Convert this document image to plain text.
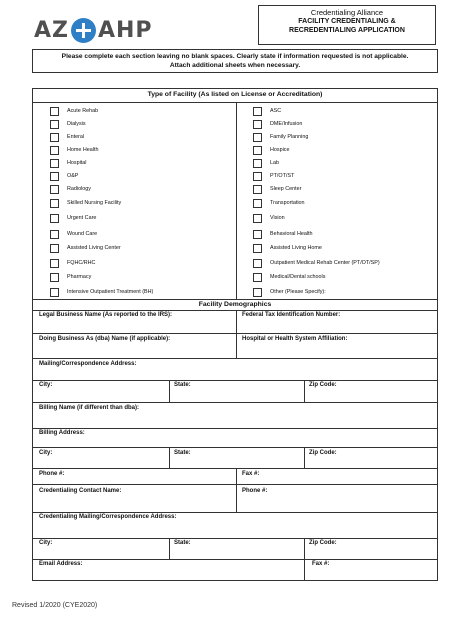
AZ AHP
Credentialing Alliance
FACILITY CREDENTIALING &
RECREDENTIALING APPLICATION
Please complete each section leaving no blank spaces. Clearly state if information requested is not applicable.
Attach additional sheets when necessary.
Type of Facility (As listed on License or Accreditation)
Acute Rehab
Dialysis
Enteral
Home Health
Hospital
O&P
Radiology
Skilled Nursing Facility
Urgent Care
Wound Care
Assisted Living Center
FQHC/RHC
Pharmacy
Intensive Outpatient Treatment (BH)
ASC
DME/Infusion
Family Planning
Hospice
Lab
PT/OT/ST
Sleep Center
Transportation
Vision
Behavioral Health
Assisted Living Home
Outpatient Medical Rehab Center (PT/OT/SP)
Medical/Dental schools
Other (Please Specify):
Facility Demographics
Legal Business Name (As reported to the IRS):	Federal Tax Identification Number:
Doing Business As (dba) Name (if applicable):	Hospital or Health System Affiliation:
Mailing/Correspondence Address:
City:	State:	Zip Code:
Billing Name (if different than dba):
Billing Address:
City:	State:	Zip Code:
Phone #:	Fax #:
Credentialing Contact Name:	Phone #:
Credentialing Mailing/Correspondence Address:
City:	State:	Zip Code:
Email Address:	Fax #:
Revised 1/2020 (CYE2020)
